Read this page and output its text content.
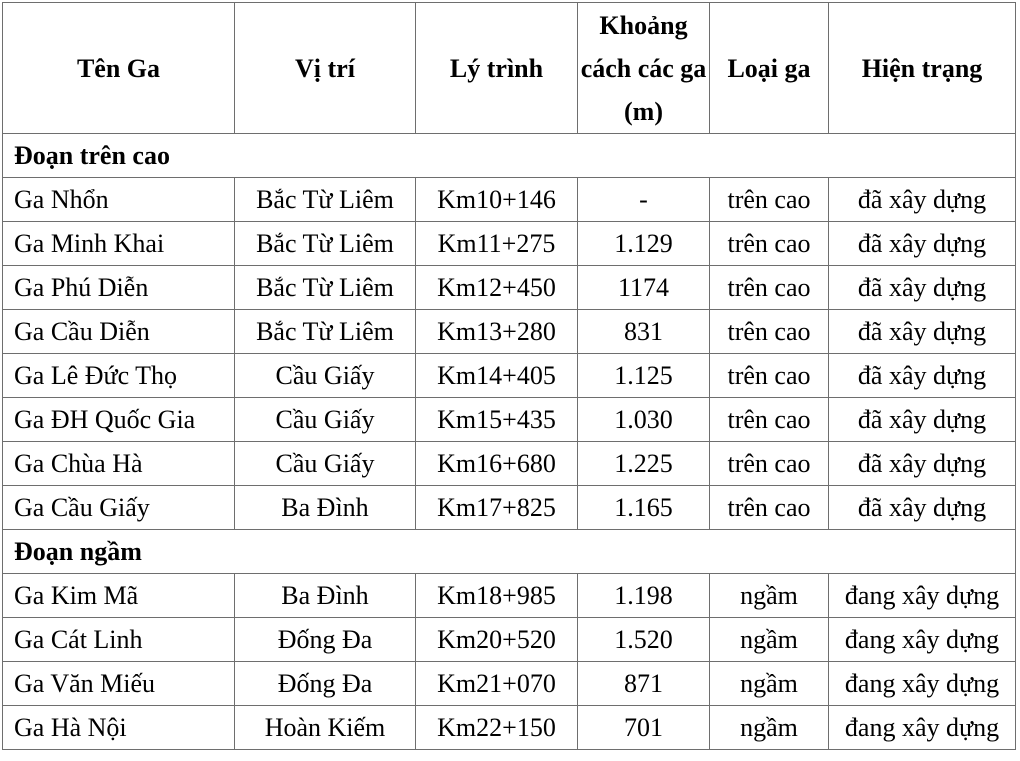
Tên Ga	Vị trí	Lý trình	Khoảng cách các ga (m)	Loại ga	Hiện trạng
Đoạn trên cao					
Ga Nhổn	Bắc Từ Liêm	Km10+146	-	trên cao	đã xây dựng
Ga Minh Khai	Bắc Từ Liêm	Km11+275	1.129	trên cao	đã xây dựng
Ga Phú Diễn	Bắc Từ Liêm	Km12+450	1174	trên cao	đã xây dựng
Ga Cầu Diễn	Bắc Từ Liêm	Km13+280	831	trên cao	đã xây dựng
Ga Lê Đức Thọ	Cầu Giấy	Km14+405	1.125	trên cao	đã xây dựng
Ga ĐH Quốc Gia	Cầu Giấy	Km15+435	1.030	trên cao	đã xây dựng
Ga Chùa Hà	Cầu Giấy	Km16+680	1.225	trên cao	đã xây dựng
Ga Cầu Giấy	Ba Đình	Km17+825	1.165	trên cao	đã xây dựng
Đoạn ngầm					
Ga Kim Mã	Ba Đình	Km18+985	1.198	ngầm	đang xây dựng
Ga Cát Linh	Đống Đa	Km20+520	1.520	ngầm	đang xây dựng
Ga Văn Miếu	Đống Đa	Km21+070	871	ngầm	đang xây dựng
Ga Hà Nội	Hoàn Kiếm	Km22+150	701	ngầm	đang xây dựng
